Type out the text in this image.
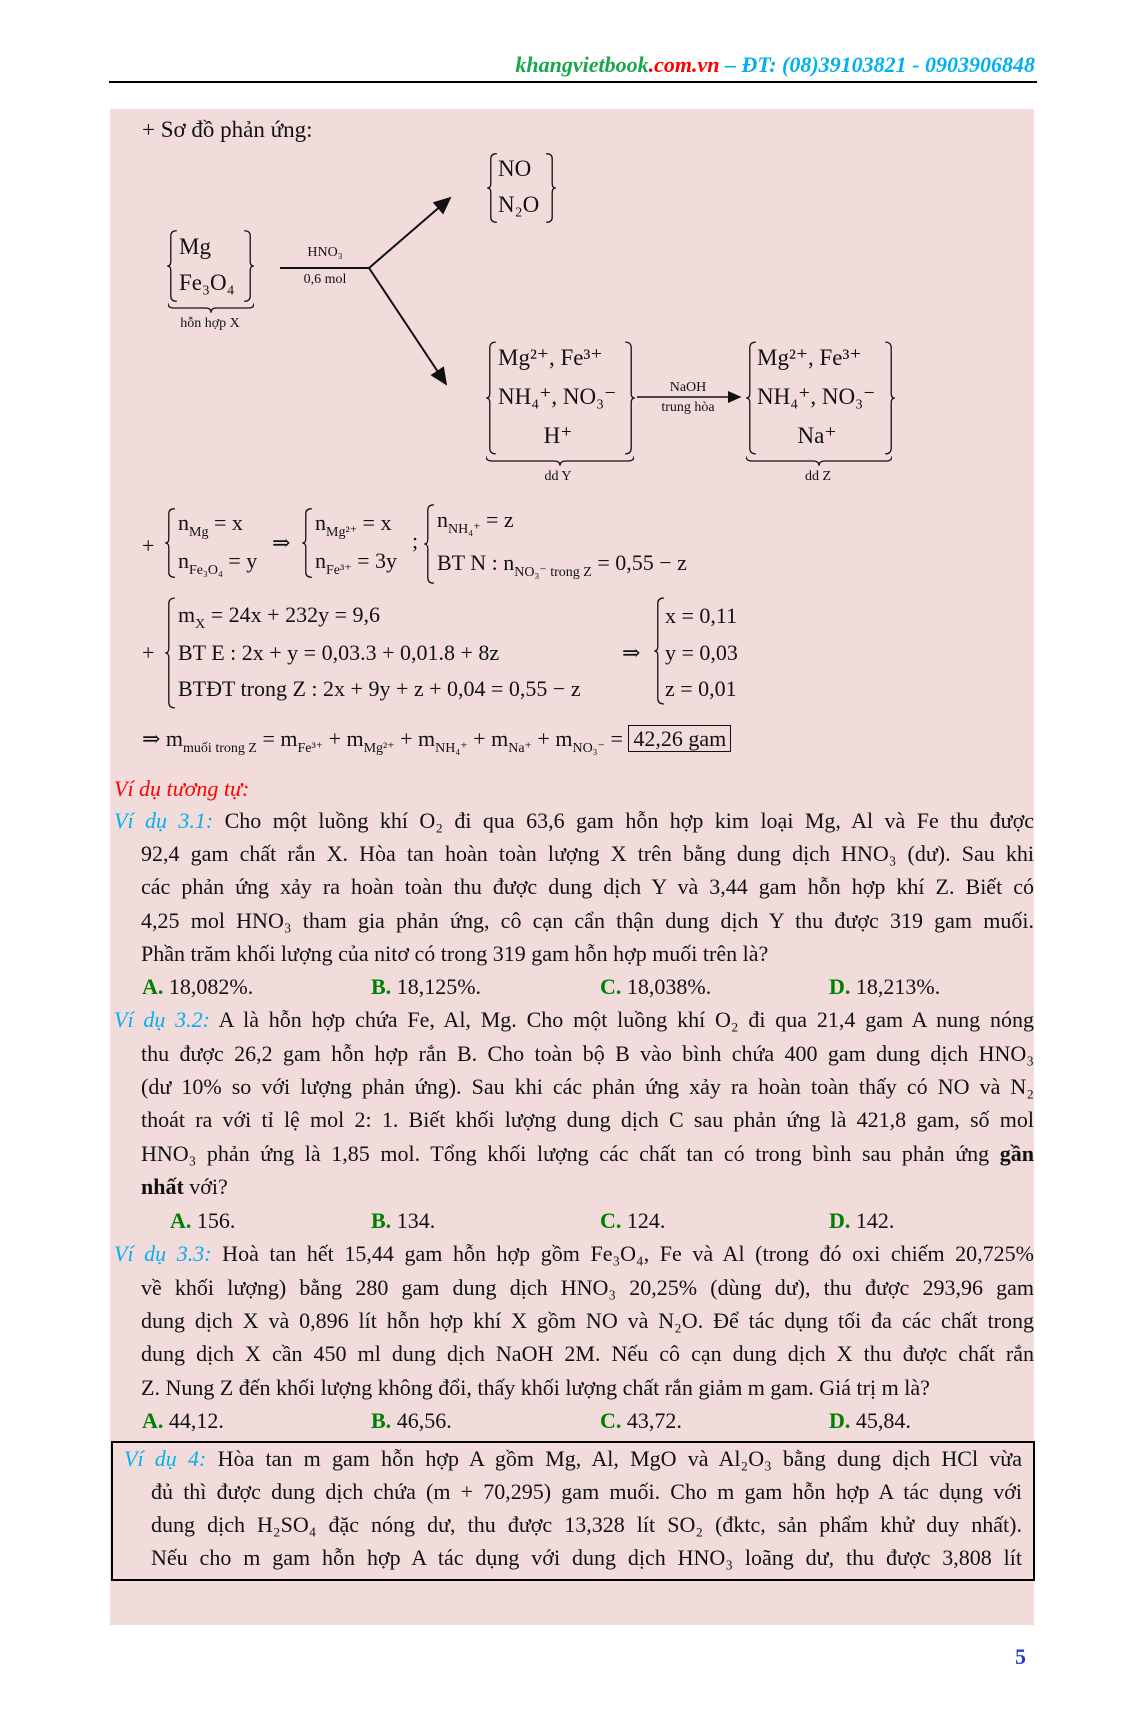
khangvietbook.com.vn – ĐT: (08)39103821 - 0903906848
+ Sơ đồ phản ứng:
Mg
Fe₃O₄
hỗn hợp X
HNO₃
0,6 mol
NO
N₂O
Mg²⁺, Fe³⁺
NH₄⁺, NO₃⁻
H⁺
dd Y
NaOH
trung hòa
Mg²⁺, Fe³⁺
NH₄⁺, NO₃⁻
Na⁺
dd Z
+
$n_{Mg} = x$
$n_{Fe_3O_4} = y$
⇒
$n_{Mg^{2+}} = x$
$n_{Fe^{3+}} = 3y$
;
$n_{NH_4^+} = z$
BT N : $n_{NO_3^- trong Z} = 0,55 - z$
+
$m_X = 24x + 232y = 9,6$
BT E : 2x + y = 0,03.3 + 0,01.8 + 8z
BTĐT trong Z : 2x + 9y + z + 0,04 = 0,55 − z
⇒
x = 0,11
y = 0,03
z = 0,01
⇒ $m_{muối trong Z} = m_{Fe^{3+}} + m_{Mg^{2+}} + m_{NH_4^+} + m_{Na^+} + m_{NO_3^-} = 42,26$ gam
Ví dụ tương tự:
Ví dụ 3.1: Cho một luồng khí O₂ đi qua 63,6 gam hỗn hợp kim loại Mg, Al và Fe thu được
92,4 gam chất rắn X. Hòa tan hoàn toàn lượng X trên bằng dung dịch HNO₃ (dư). Sau khi
các phản ứng xảy ra hoàn toàn thu được dung dịch Y và 3,44 gam hỗn hợp khí Z. Biết có
4,25 mol HNO₃ tham gia phản ứng, cô cạn cẩn thận dung dịch Y thu được 319 gam muối.
Phần trăm khối lượng của nitơ có trong 319 gam hỗn hợp muối trên là?
A. 18,082%.	B. 18,125%.	C. 18,038%.	D. 18,213%.
Ví dụ 3.2: A là hỗn hợp chứa Fe, Al, Mg. Cho một luồng khí O₂ đi qua 21,4 gam A nung nóng
thu được 26,2 gam hỗn hợp rắn B. Cho toàn bộ B vào bình chứa 400 gam dung dịch HNO₃
(dư 10% so với lượng phản ứng). Sau khi các phản ứng xảy ra hoàn toàn thấy có NO và N₂
thoát ra với tỉ lệ mol 2: 1. Biết khối lượng dung dịch C sau phản ứng là 421,8 gam, số mol
HNO₃ phản ứng là 1,85 mol. Tổng khối lượng các chất tan có trong bình sau phản ứng gần
nhất với?
A. 156.	B. 134.	C. 124.	D. 142.
Ví dụ 3.3: Hoà tan hết 15,44 gam hỗn hợp gồm Fe₃O₄, Fe và Al (trong đó oxi chiếm 20,725%
về khối lượng) bằng 280 gam dung dịch HNO₃ 20,25% (dùng dư), thu được 293,96 gam
dung dịch X và 0,896 lít hỗn hợp khí X gồm NO và N₂O. Để tác dụng tối đa các chất trong
dung dịch X cần 450 ml dung dịch NaOH 2M. Nếu cô cạn dung dịch X thu được chất rắn
Z. Nung Z đến khối lượng không đổi, thấy khối lượng chất rắn giảm m gam. Giá trị m là?
A. 44,12.	B. 46,56.	C. 43,72.	D. 45,84.
Ví dụ 4: Hòa tan m gam hỗn hợp A gồm Mg, Al, MgO và Al₂O₃ bằng dung dịch HCl vừa
đủ thì được dung dịch chứa (m + 70,295) gam muối. Cho m gam hỗn hợp A tác dụng với
dung dịch H₂SO₄ đặc nóng dư, thu được 13,328 lít SO₂ (đktc, sản phẩm khử duy nhất).
Nếu cho m gam hỗn hợp A tác dụng với dung dịch HNO₃ loãng dư, thu được 3,808 lít
5
